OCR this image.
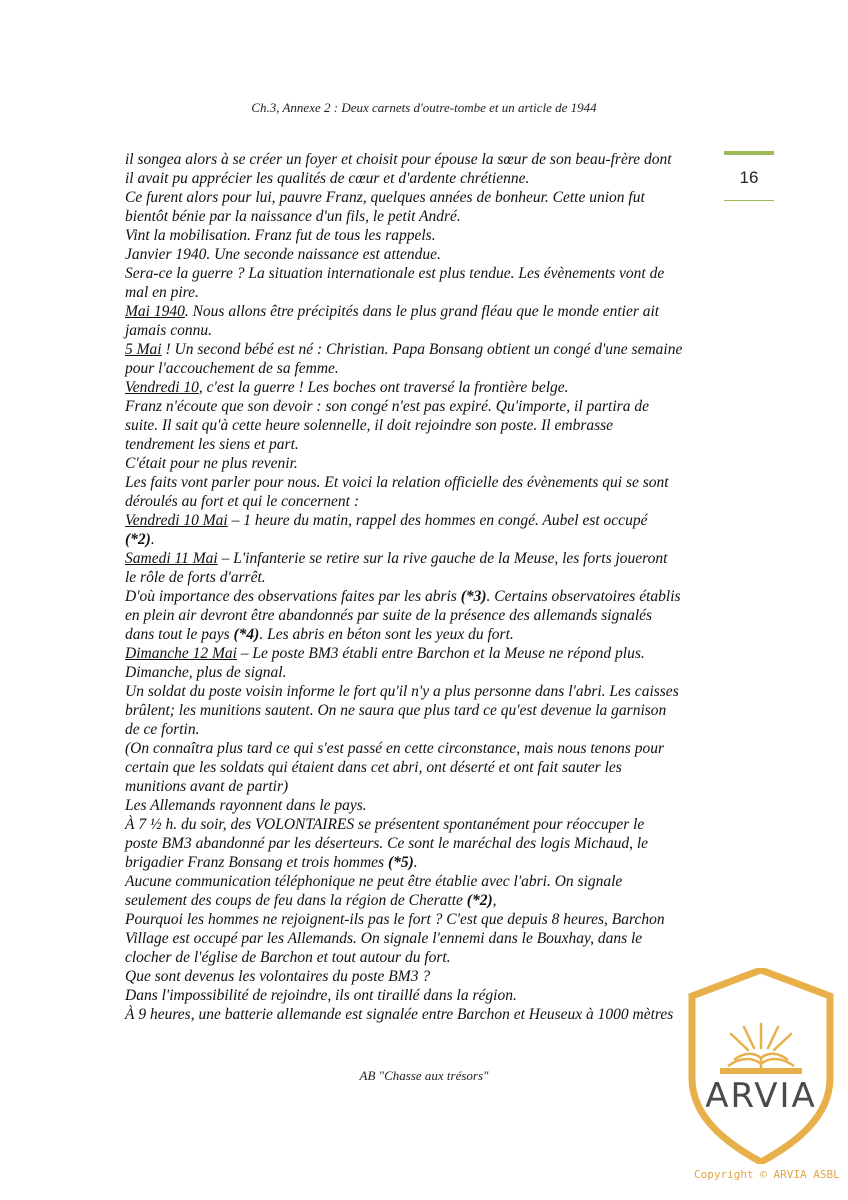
Ch.3, Annexe 2 : Deux carnets d'outre-tombe et un article de 1944
16
il songea alors à se créer un foyer et choisit pour épouse la sœur de son beau-frère dont
il avait pu apprécier les qualités de cœur et d'ardente chrétienne.
Ce furent alors pour lui, pauvre Franz, quelques années de bonheur. Cette union fut
bientôt bénie par la naissance d'un fils, le petit André.
Vint la mobilisation. Franz fut de tous les rappels.
Janvier 1940. Une seconde naissance est attendue.
Sera-ce la guerre ? La situation internationale est plus tendue. Les évènements vont de
mal en pire.
Mai 1940. Nous allons être précipités dans le plus grand fléau que le monde entier ait
jamais connu.
5 Mai ! Un second bébé est né : Christian. Papa Bonsang obtient un congé d'une semaine
pour l'accouchement de sa femme.
Vendredi 10, c'est la guerre ! Les boches ont traversé la frontière belge.
Franz n'écoute que son devoir : son congé n'est pas expiré. Qu'importe, il partira de
suite. Il sait qu'à cette heure solennelle, il doit rejoindre son poste. Il embrasse
tendrement les siens et part.
C'était pour ne plus revenir.
Les faits vont parler pour nous. Et voici la relation officielle des évènements qui se sont
déroulés au fort et qui le concernent :
Vendredi 10 Mai – 1 heure du matin, rappel des hommes en congé. Aubel est occupé
(*2).
Samedi 11 Mai – L'infanterie se retire sur la rive gauche de la Meuse, les forts joueront
le rôle de forts d'arrêt.
D'où importance des observations faites par les abris (*3). Certains observatoires établis
en plein air devront être abandonnés par suite de la présence des allemands signalés
dans tout le pays (*4). Les abris en béton sont les yeux du fort.
Dimanche 12 Mai – Le poste BM3 établi entre Barchon et la Meuse ne répond plus.
Dimanche, plus de signal.
Un soldat du poste voisin informe le fort qu'il n'y a plus personne dans l'abri. Les caisses
brûlent; les munitions sautent. On ne saura que plus tard ce qu'est devenue la garnison
de ce fortin.
(On connaîtra plus tard ce qui s'est passé en cette circonstance, mais nous tenons pour
certain que les soldats qui étaient dans cet abri, ont déserté et ont fait sauter les
munitions avant de partir)
Les Allemands rayonnent dans le pays.
À 7 ½ h. du soir, des VOLONTAIRES se présentent spontanément pour réoccuper le
poste BM3 abandonné par les déserteurs. Ce sont le maréchal des logis Michaud, le
brigadier Franz Bonsang et trois hommes (*5).
Aucune communication téléphonique ne peut être établie avec l'abri. On signale
seulement des coups de feu dans la région de Cheratte (*2),
Pourquoi les hommes ne rejoignent-ils pas le fort ? C'est que depuis 8 heures, Barchon
Village est occupé par les Allemands. On signale l'ennemi dans le Bouxhay, dans le
clocher de l'église de Barchon et tout autour du fort.
Que sont devenus les volontaires du poste BM3 ?
Dans l'impossibilité de rejoindre, ils ont tiraillé dans la région.
À 9 heures, une batterie allemande est signalée entre Barchon et Heuseux à 1000 mètres
AB "Chasse aux trésors"
ARVIA
Copyright © ARVIA ASBL
